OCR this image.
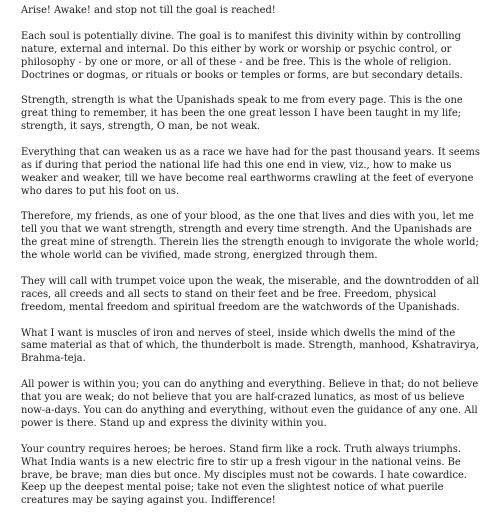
Arise! Awake! and stop not till the goal is reached!

Each soul is potentially divine. The goal is to manifest this divinity within by controlling nature, external and internal. Do this either by work or worship or psychic control, or philosophy - by one or more, or all of these - and be free. This is the whole of religion. Doctrines or dogmas, or rituals or books or temples or forms, are but secondary details.

Strength, strength is what the Upanishads speak to me from every page. This is the one great thing to remember, it has been the one great lesson I have been taught in my life; strength, it says, strength, O man, be not weak.

Everything that can weaken us as a race we have had for the past thousand years. It seems as if during that period the national life had this one end in view, viz., how to make us weaker and weaker, till we have become real earthworms crawling at the feet of everyone who dares to put his foot on us.

Therefore, my friends, as one of your blood, as the one that lives and dies with you, let me tell you that we want strength, strength and every time strength. And the Upanishads are the great mine of strength. Therein lies the strength enough to invigorate the whole world; the whole world can be vivified, made strong, energized through them.

They will call with trumpet voice upon the weak, the miserable, and the downtrodden of all races, all creeds and all sects to stand on their feet and be free. Freedom, physical freedom, mental freedom and spiritual freedom are the watchwords of the Upanishads.

What I want is muscles of iron and nerves of steel, inside which dwells the mind of the same material as that of which, the thunderbolt is made. Strength, manhood, Kshatravirya, Brahma-teja.

All power is within you; you can do anything and everything. Believe in that; do not believe that you are weak; do not believe that you are half-crazed lunatics, as most of us believe now-a-days. You can do anything and everything, without even the guidance of any one. All power is there. Stand up and express the divinity within you.

Your country requires heroes; be heroes. Stand firm like a rock. Truth always triumphs. What India wants is a new electric fire to stir up a fresh vigour in the national veins. Be brave, be brave; man dies but once. My disciples must not be cowards. I hate cowardice. Keep up the deepest mental poise; take not even the slightest notice of what puerile creatures may be saying against you. Indifference!
